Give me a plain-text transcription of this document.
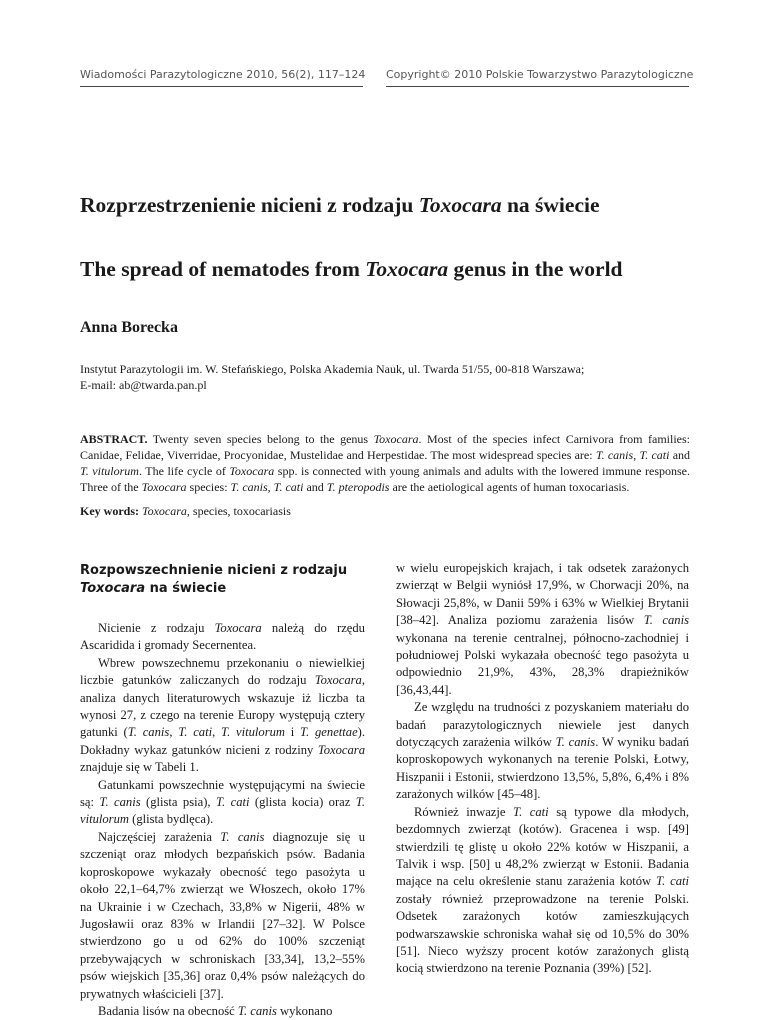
Wiadomości Parazytologiczne 2010, 56(2), 117–124 Copyright© 2010 Polskie Towarzystwo Parazytologiczne
Rozprzestrzenienie nicieni z rodzaju Toxocara na świecie
The spread of nematodes from Toxocara genus in the world
Anna Borecka
Instytut Parazytologii im. W. Stefańskiego, Polska Akademia Nauk, ul. Twarda 51/55, 00-818 Warszawa;
E-mail: ab@twarda.pan.pl
ABSTRACT. Twenty seven species belong to the genus Toxocara. Most of the species infect Carnivora from families: Canidae, Felidae, Viverridae, Procyonidae, Mustelidae and Herpestidae. The most widespread species are: T. canis, T. cati and T. vitulorum. The life cycle of Toxocara spp. is connected with young animals and adults with the lowered immune response. Three of the Toxocara species: T. canis, T. cati and T. pteropodis are the aetiological agents of human toxocariasis.
Key words: Toxocara, species, toxocariasis
Rozpowszechnienie nicieni z rodzaju
Toxocara na świecie

Nicienie z rodzaju Toxocara należą do rzędu Ascaridida i gromady Secernentea.

Wbrew powszechnemu przekonaniu o niewielkiej liczbie gatunków zaliczanych do rodzaju Toxocara, analiza danych literaturowych wskazuje iż liczba ta wynosi 27, z czego na terenie Europy występują cztery gatunki (T. canis, T. cati, T. vitulorum i T. genettae). Dokładny wykaz gatunków nicieni z rodziny Toxocara znajduje się w Tabeli 1.

Gatunkami powszechnie występującymi na świecie są: T. canis (glista psia), T. cati (glista kocia) oraz T. vitulorum (glista bydlęca).

Najczęściej zarażenia T. canis diagnozuje się u szczeniąt oraz młodych bezpańskich psów. Badania koproskopowe wykazały obecność tego pasożyta u około 22,1–64,7% zwierząt we Włoszech, około 17% na Ukrainie i w Czechach, 33,8% w Nigerii, 48% w Jugosławii oraz 83% w Irlandii [27–32]. W Polsce stwierdzono go u od 62% do 100% szczeniąt przebywających w schroniskach [33,34], 13,2–55% psów wiejskich [35,36] oraz 0,4% psów należących do prywatnych właścicieli [37].

Badania lisów na obecność T. canis wykonano

w wielu europejskich krajach, i tak odsetek zarażonych zwierząt w Belgii wyniósł 17,9%, w Chorwacji 20%, na Słowacji 25,8%, w Danii 59% i 63% w Wielkiej Brytanii [38–42]. Analiza poziomu zarażenia lisów T. canis wykonana na terenie centralnej, północno-zachodniej i południowej Polski wykazała obecność tego pasożyta u odpowiednio 21,9%, 43%, 28,3% drapieżników [36,43,44].

Ze względu na trudności z pozyskaniem materiału do badań parazytologicznych niewiele jest danych dotyczących zarażenia wilków T. canis. W wyniku badań koproskopowych wykonanych na terenie Polski, Łotwy, Hiszpanii i Estonii, stwierdzono 13,5%, 5,8%, 6,4% i 8% zarażonych wilków [45–48].

Również inwazje T. cati są typowe dla młodych, bezdomnych zwierząt (kotów). Gracenea i wsp. [49] stwierdzili tę glistę u około 22% kotów w Hiszpanii, a Talvik i wsp. [50] u 48,2% zwierząt w Estonii. Badania mające na celu określenie stanu zarażenia kotów T. cati zostały również przeprowadzone na terenie Polski. Odsetek zarażonych kotów zamieszkujących podwarszawskie schroniska wahał się od 10,5% do 30% [51]. Nieco wyższy procent kotów zarażonych glistą kocią stwierdzono na terenie Poznania (39%) [52].
